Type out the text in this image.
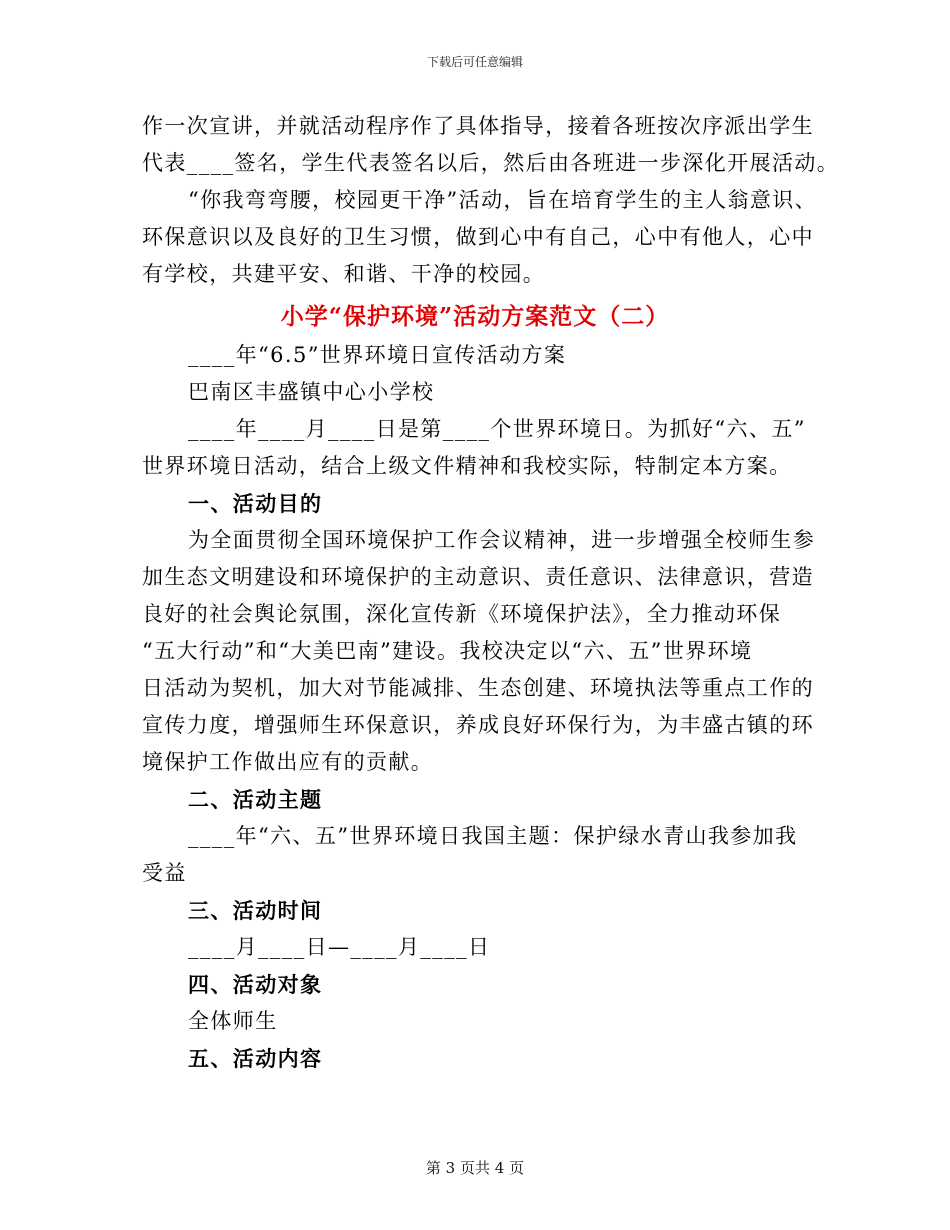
下载后可任意编辑
作一次宣讲，并就活动程序作了具体指导，接着各班按次序派出学生
代表____签名，学生代表签名以后，然后由各班进一步深化开展活动。
“你我弯弯腰，校园更干净”活动，旨在培育学生的主人翁意识、
环保意识以及良好的卫生习惯，做到心中有自己，心中有他人，心中
有学校，共建平安、和谐、干净的校园。
小学“保护环境”活动方案范文（二）
____年“6.5”世界环境日宣传活动方案
巴南区丰盛镇中心小学校
____年____月____日是第____个世界环境日。为抓好“六、五”
世界环境日活动，结合上级文件精神和我校实际，特制定本方案。
一、活动目的
为全面贯彻全国环境保护工作会议精神，进一步增强全校师生参
加生态文明建设和环境保护的主动意识、责任意识、法律意识，营造
良好的社会舆论氛围，深化宣传新《环境保护法》，全力推动环保
“五大行动”和“大美巴南”建设。我校决定以“六、五”世界环境
日活动为契机，加大对节能减排、生态创建、环境执法等重点工作的
宣传力度，增强师生环保意识，养成良好环保行为，为丰盛古镇的环
境保护工作做出应有的贡献。
二、活动主题
____年“六、五”世界环境日我国主题：保护绿水青山我参加我
受益
三、活动时间
____月____日—____月____日
四、活动对象
全体师生
五、活动内容
第 3 页共 4 页
